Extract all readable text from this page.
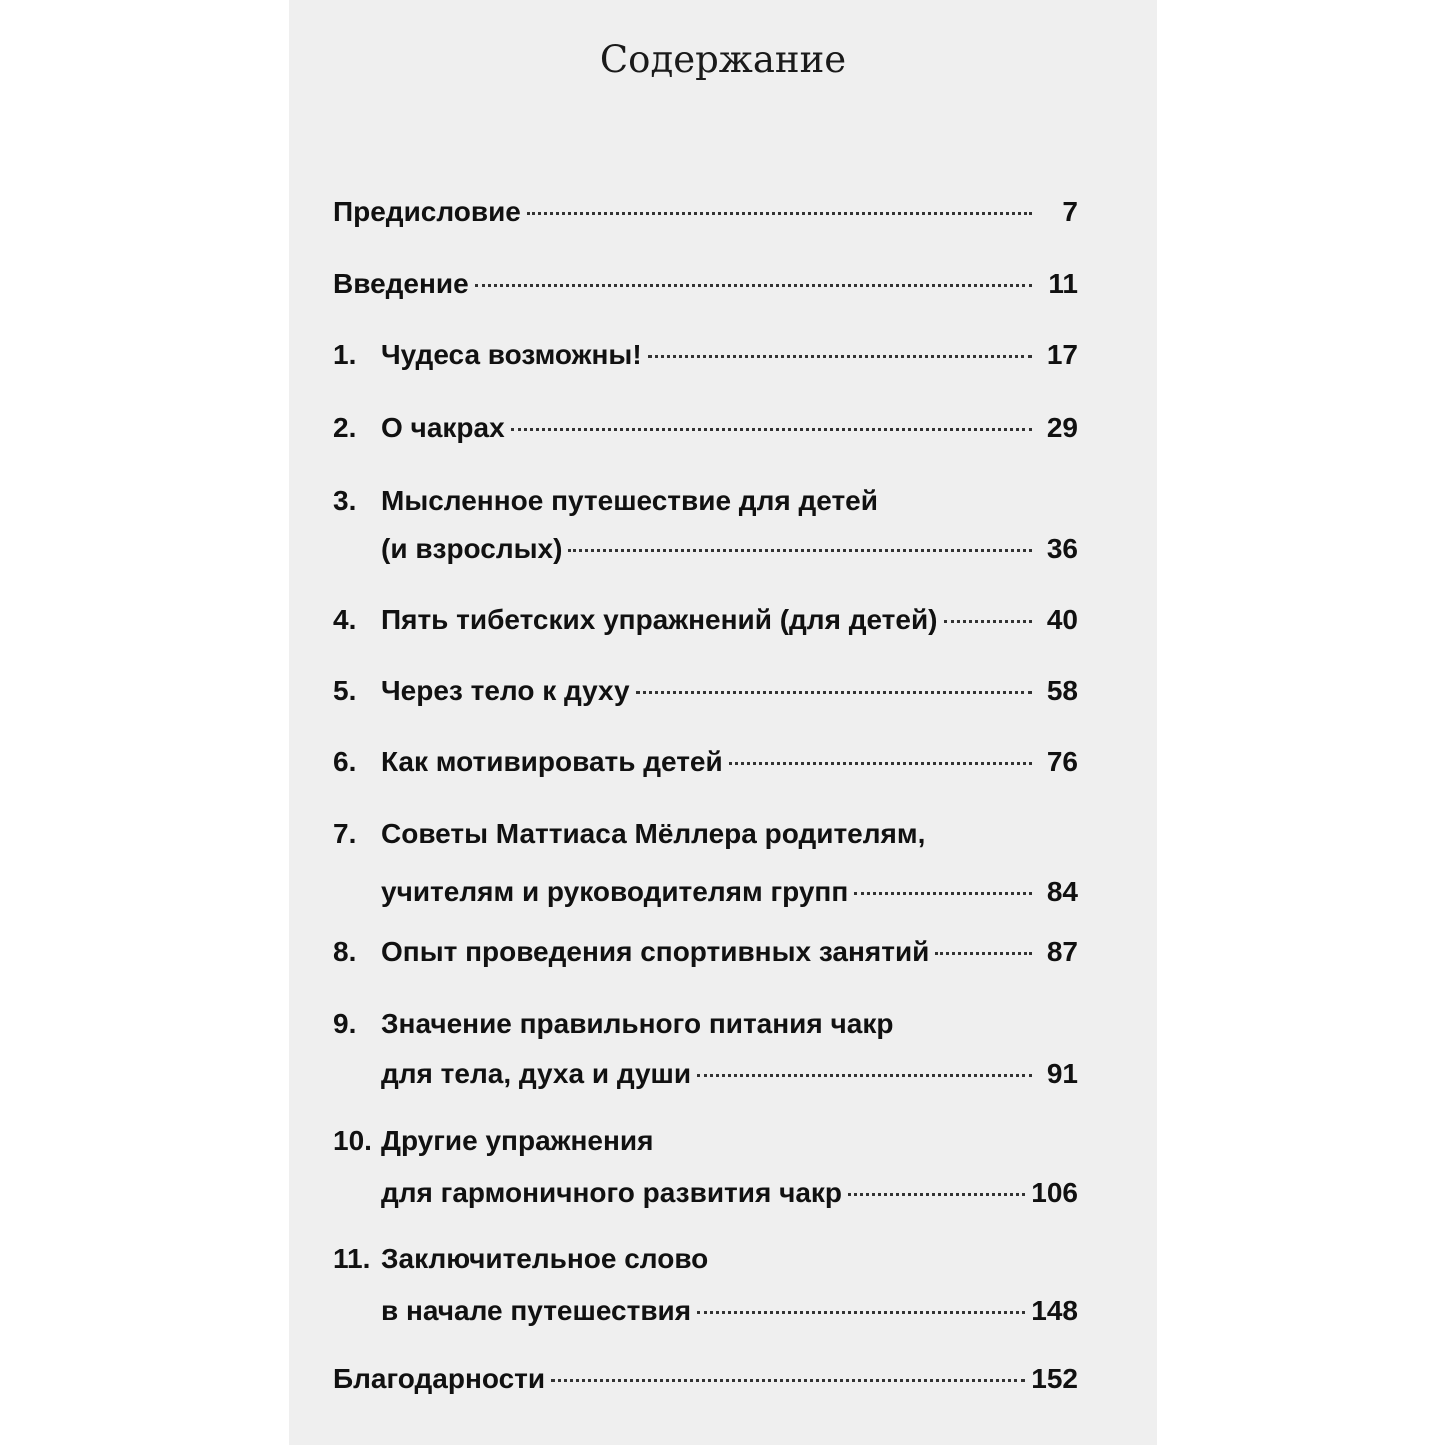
Содержание
Предисловие	7
Введение	11
1. Чудеса возможны!	17
2. О чакрах	29
3. Мысленное путешествие для детей
(и взрослых)	36
4. Пять тибетских упражнений (для детей)	40
5. Через тело к духу	58
6. Как мотивировать детей	76
7. Советы Маттиаса Мёллера родителям,
учителям и руководителям групп	84
8. Опыт проведения спортивных занятий	87
9. Значение правильного питания чакр
для тела, духа и души	91
10. Другие упражнения
для гармоничного развития чакр	106
11. Заключительное слово
в начале путешествия	148
Благодарности	152
